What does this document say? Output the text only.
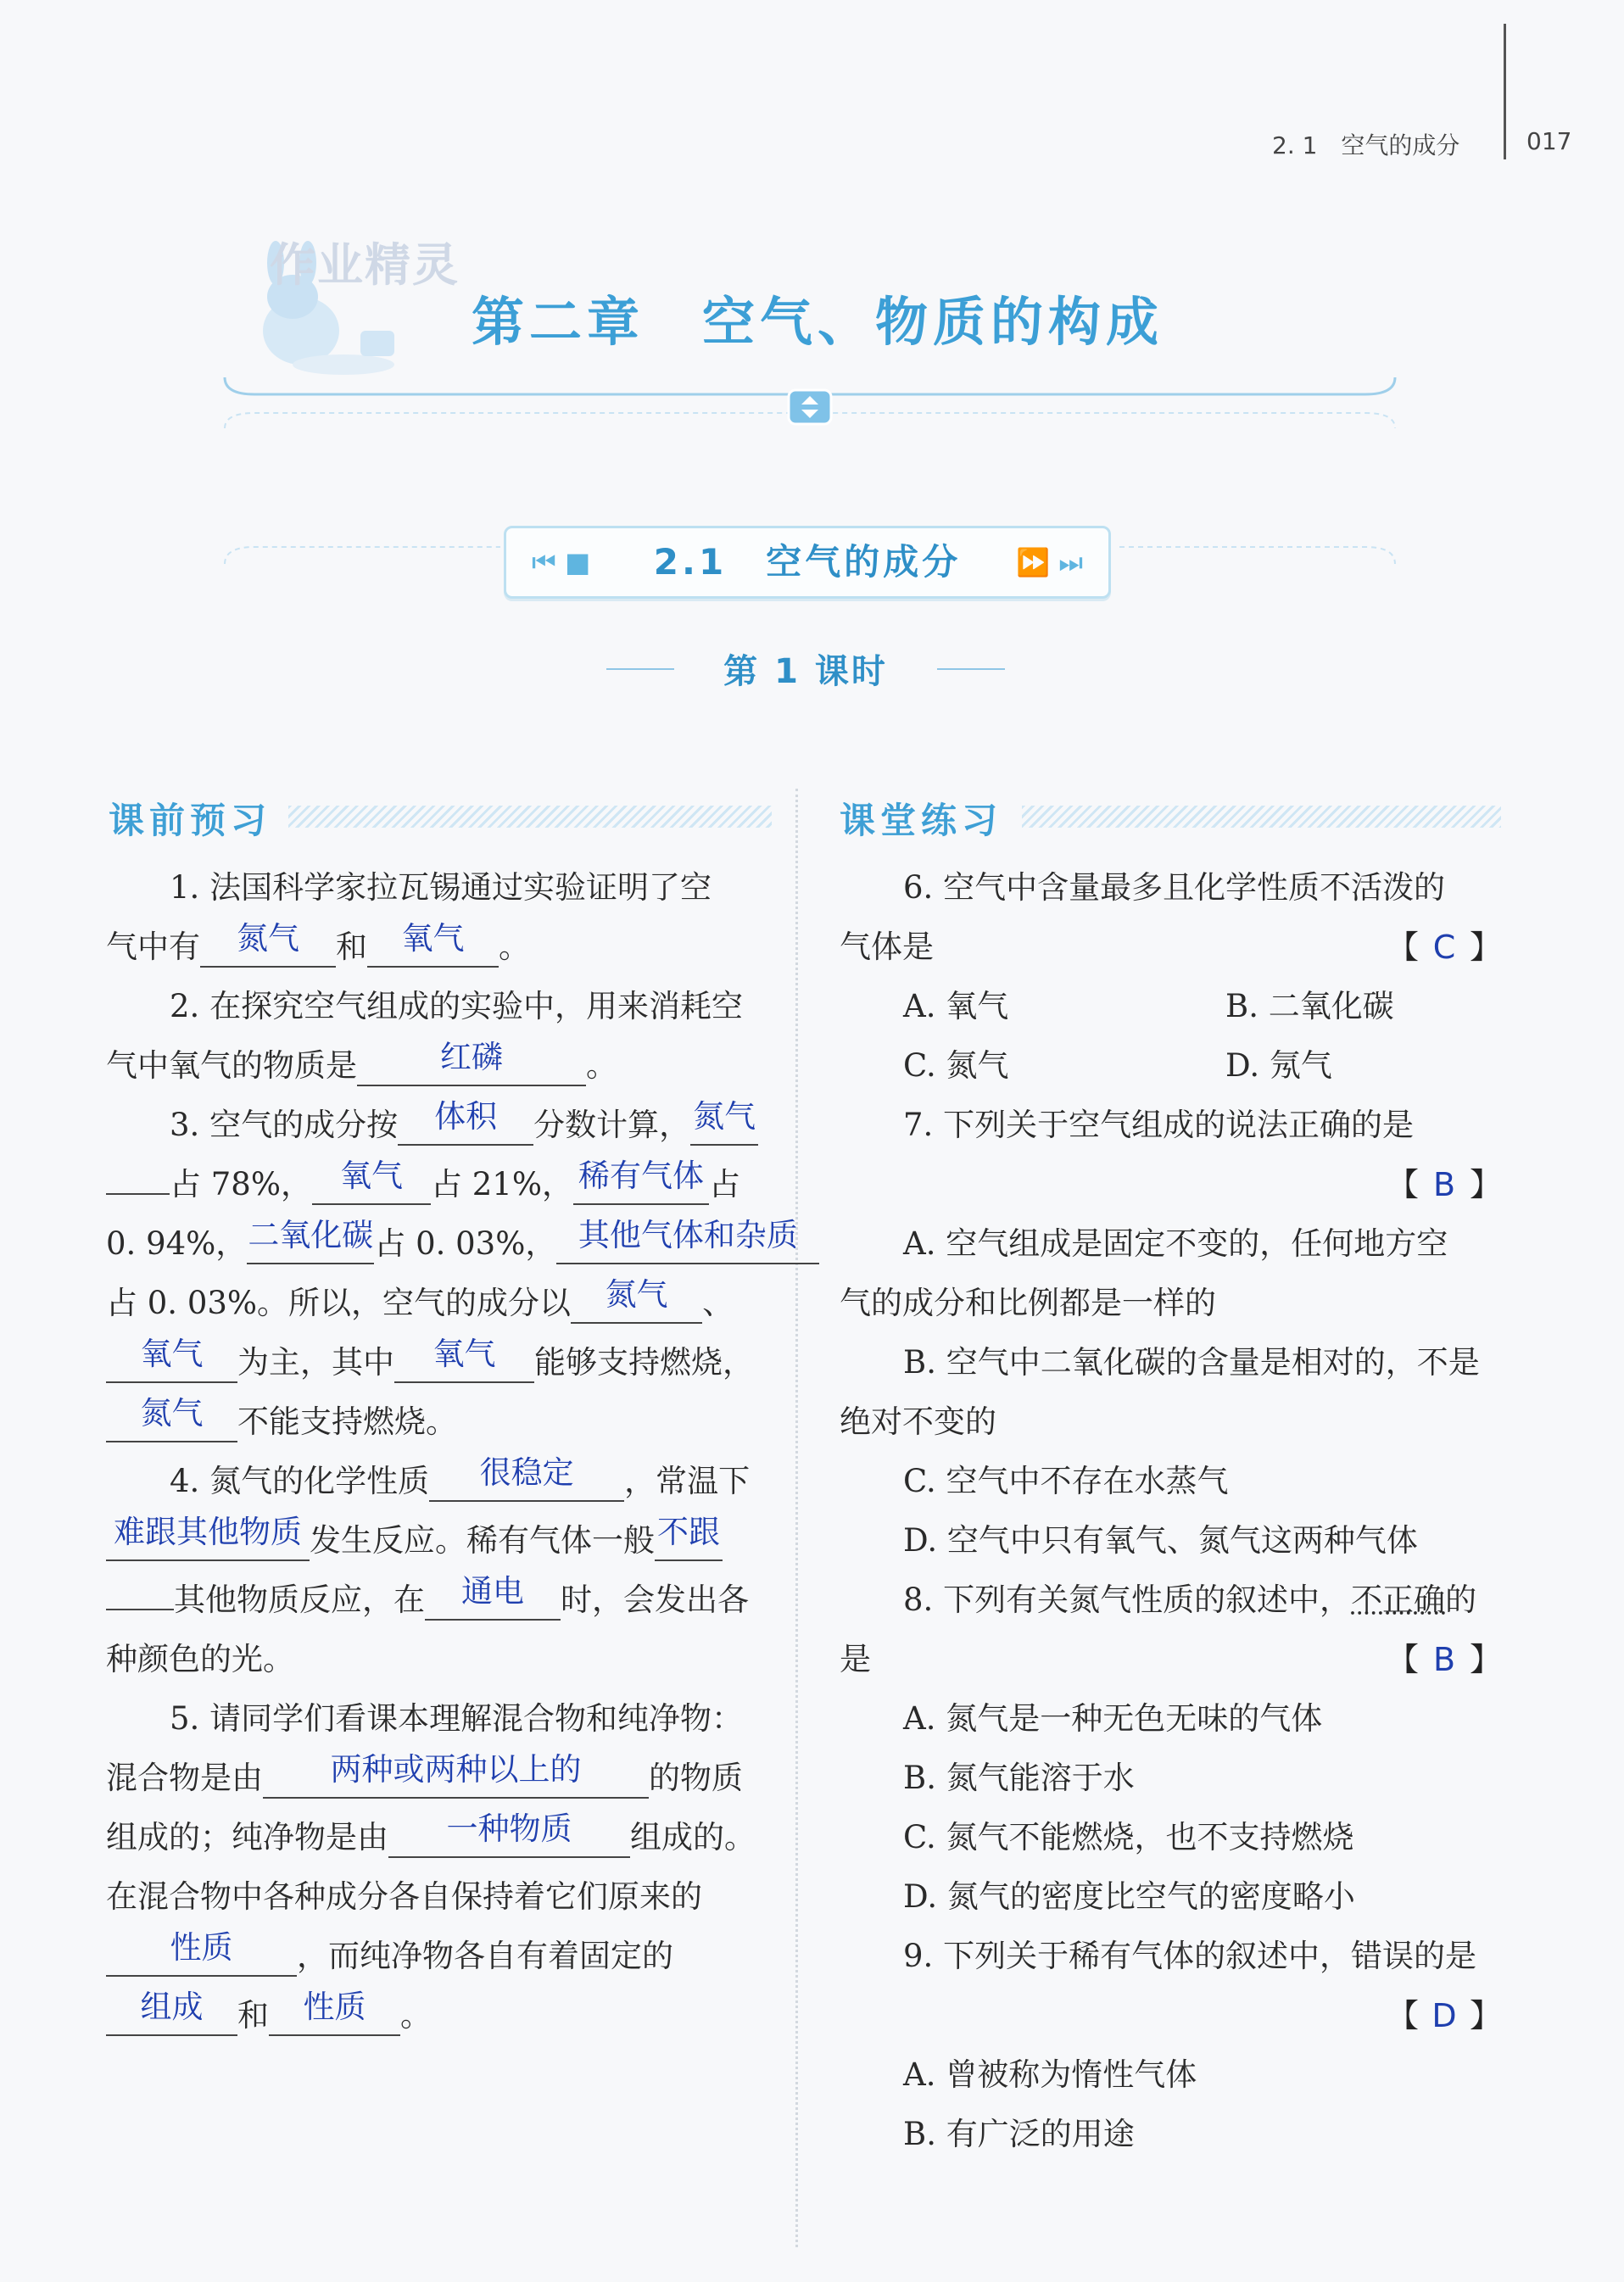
2. 1　空气的成分	017
作业精灵
第二章　空气、物质的构成
⏮ ■	2.1　空气的成分	⏩ ⏭
第 1 课时
课前预习	课堂练习
1. 法国科学家拉瓦锡通过实验证明了空
气中有 氮气 和 氧气 。
2. 在探究空气组成的实验中，用来消耗空
气中氧气的物质是	红磷	。
3. 空气的成分按 体积 分数计算，氮气
占 78%， 氧气 占 21%， 稀有气体 占
0. 94%，二氧化碳占 0. 03%， 其他气体和杂质
占 0. 03%。所以，空气的成分以 氮气 、
氧气 为主，其中 氧气 能够支持燃烧，
氮气 不能支持燃烧。
4. 氮气的化学性质 很稳定 ，常温下
难跟其他物质 发生反应。稀有气体一般不跟
其他物质反应，在 通电 时，会发出各
种颜色的光。
5. 请同学们看课本理解混合物和纯净物：
混合物是由 两种或两种以上的 的物质
组成的；纯净物是由 一种物质 组成的。
在混合物中各种成分各自保持着它们原来的
性质 ，而纯净物各自有着固定的
组成 和 性质 。
6. 空气中含量最多且化学性质不活泼的
气体是	【 C 】
A. 氧气	B. 二氧化碳
C. 氮气	D. 氖气
7. 下列关于空气组成的说法正确的是
【 B 】
A. 空气组成是固定不变的，任何地方空
气的成分和比例都是一样的
B. 空气中二氧化碳的含量是相对的，不是
绝对不变的
C. 空气中不存在水蒸气
D. 空气中只有氧气、氮气这两种气体
8. 下列有关氮气性质的叙述中，不正确的
是	【 B 】
A. 氮气是一种无色无味的气体
B. 氮气能溶于水
C. 氮气不能燃烧，也不支持燃烧
D. 氮气的密度比空气的密度略小
9. 下列关于稀有气体的叙述中，错误的是
【 D 】
A. 曾被称为惰性气体
B. 有广泛的用途
